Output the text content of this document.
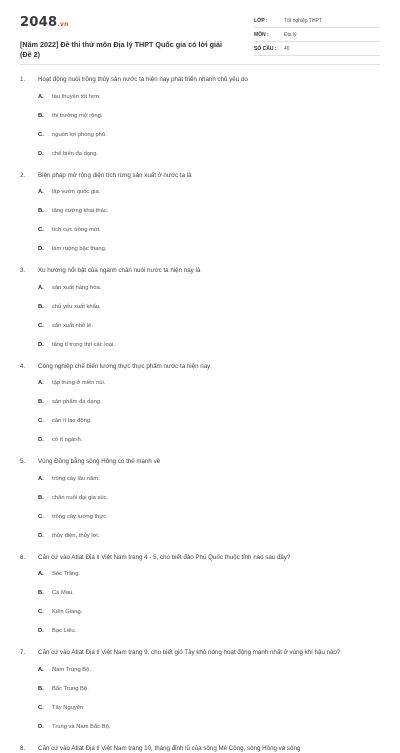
2048.vn
[Năm 2022] Đề thi thử môn Địa lý THPT Quốc gia có lời giải (Đề 2)
LỚP :	Tốt nghiệp THPT
MÔN :	Địa lý
SỐ CÂU :	40
1.	Hoạt động nuôi trồng thủy sản nước ta hiện nay phát triển nhanh chủ yếu do
A.	tàu thuyền tốt hơn.
B.	thị trường mở rộng.
C.	nguồn lợi phong phú.
D.	chế biến đa dạng.
2.	Biện pháp mở rộng diện tích rừng sản xuất ở nước ta là
A.	lập vườn quốc gia.
B.	tăng cường khai thác.
C.	tích cực trồng mới.
D.	làm ruộng bậc thang.
3.	Xu hướng nổi bật của ngành chăn nuôi nước ta hiện nay là
A.	sản xuất hàng hóa.
B.	chủ yếu xuất khẩu.
C.	sản xuất nhỏ lẻ.
D.	tăng tỉ trọng thịt các loại.
4.	Công nghiệp chế biến lương thực thực phẩm nước ta hiện nay
A.	tập trung ở miền núi.
B.	sản phẩm đa dạng.
C.	cần ít lao động.
D.	có ít ngành.
5.	Vùng Đồng bằng sông Hồng có thế mạnh về
A.	trồng cây lâu năm.
B.	chăn nuôi đại gia súc.
C.	trồng cây lương thực.
D.	thủy điện, thủy lợi.
6.	Căn cứ vào Atlat Địa lí Việt Nam trang 4 - 5, cho biết đảo Phú Quốc thuộc tỉnh nào sau đây?
A.	Sóc Trăng.
B.	Cà Mau.
C.	Kiên Giang.
D.	Bạc Liêu.
7.	Căn cứ vào Atlat Địa lí Việt Nam trang 9, cho biết gió Tây khô nóng hoạt động mạnh nhất ở vùng khí hậu nào?
A.	Nam Trung Bộ.
B.	Bắc Trung Bộ.
C.	Tây Nguyên.
D.	Trung và Nam Bắc Bộ.
8.	Căn cứ vào Atlat Địa lí Việt Nam trang 10, tháng đỉnh lũ của sông Mê Công, sông Hồng và sông
